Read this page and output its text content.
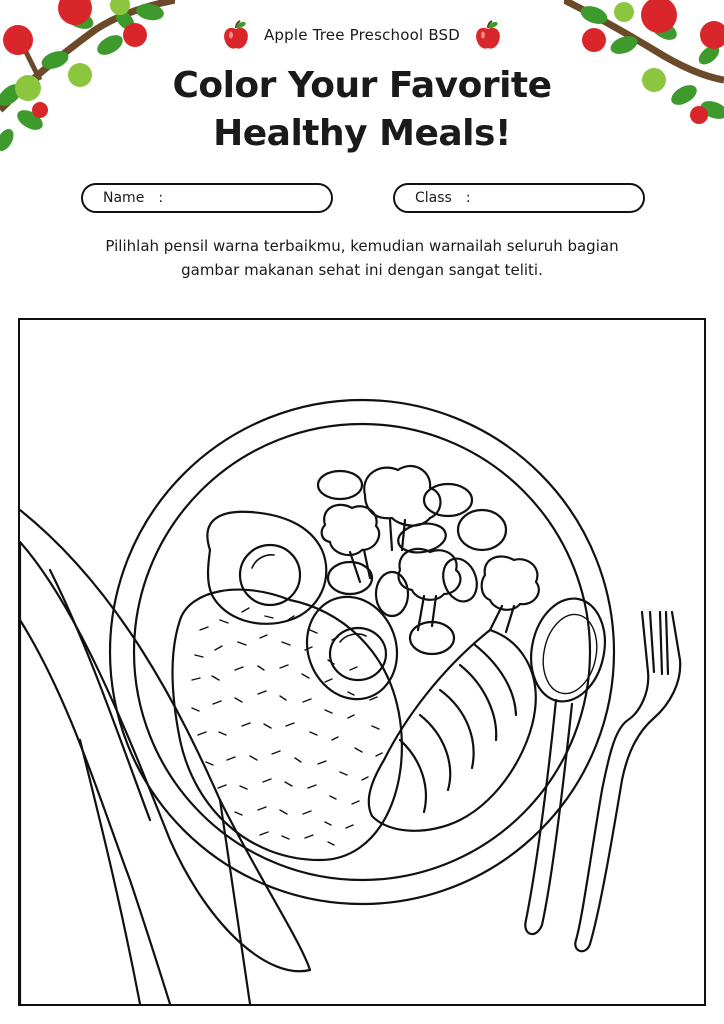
Apple Tree Preschool BSD
Color Your Favorite
Healthy Meals!
Name :	Class :
Pilihlah pensil warna terbaikmu, kemudian warnailah seluruh bagian
gambar makanan sehat ini dengan sangat teliti.
